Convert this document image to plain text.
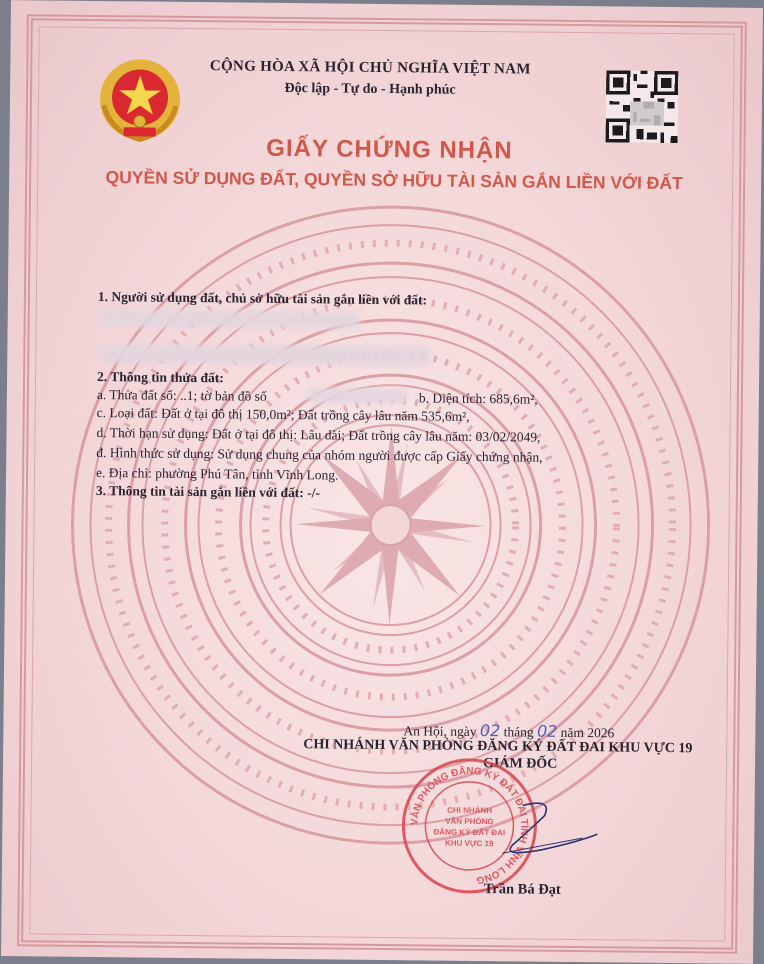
CỘNG HÒA XÃ HỘI CHỦ NGHĨA VIỆT NAM
Độc lập - Tự do - Hạnh phúc
GIẤY CHỨNG NHẬN
QUYỀN SỬ DỤNG ĐẤT, QUYỀN SỞ HỮU TÀI SẢN GẮN LIỀN VỚI ĐẤT
1. Người sử dụng đất, chủ sở hữu tài sản gắn liền với đất:
2. Thông tin thửa đất:
a. Thửa đất số: ..1; tờ bản đồ số	b. Diện tích: 685,6m²,
c. Loại đất: Đất ở tại đô thị 150,0m²; Đất trồng cây lâu năm 535,6m²,
d. Thời hạn sử dụng: Đất ở tại đô thị: Lâu dài; Đất trồng cây lâu năm: 03/02/2049,
đ. Hình thức sử dụng: Sử dụng chung của nhóm người được cấp Giấy chứng nhận,
e. Địa chỉ: phường Phú Tân, tỉnh Vĩnh Long.
3. Thông tin tài sản gắn liền với đất: -/-
An Hội, ngày 02 tháng 02 năm 2026
CHI NHÁNH VĂN PHÒNG ĐĂNG KÝ ĐẤT ĐAI KHU VỰC 19
GIÁM ĐỐC
VĂN PHÒNG ĐĂNG KÝ ĐẤT ĐAI TỈNH VĨNH LONG
CHI NHÁNH
VĂN PHÒNG
ĐĂNG KÝ ĐẤT ĐAI
KHU VỰC 19
Trần Bá Đạt
